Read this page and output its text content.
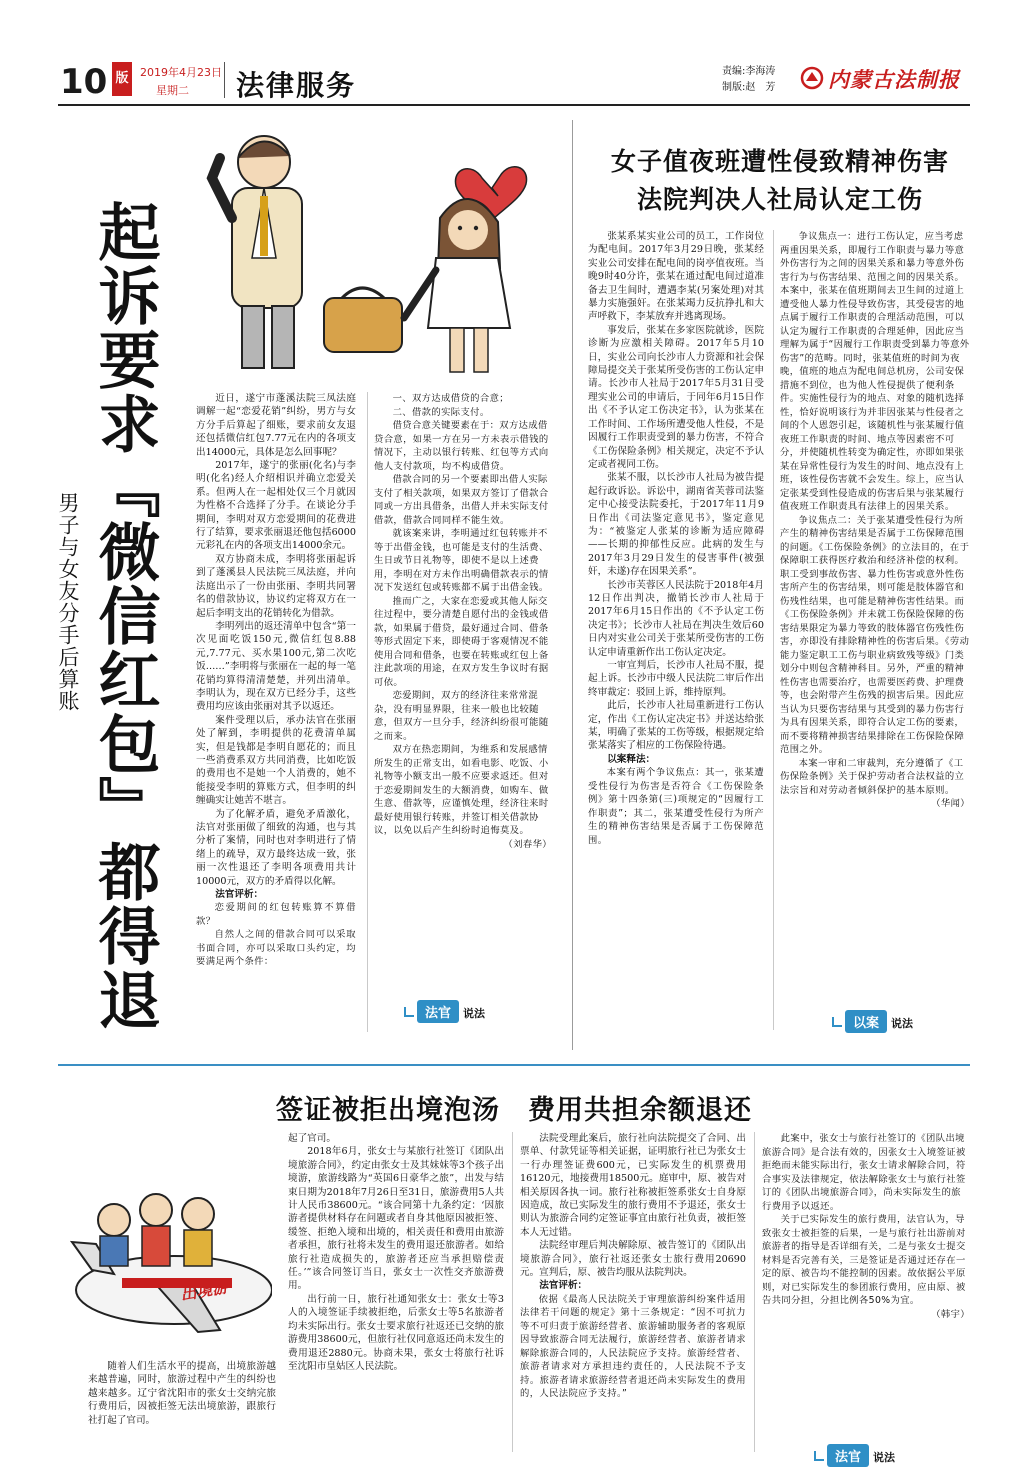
10 版	2019年4月23日
星期二 法律服务	责编:李海涛
制版:赵　芳	内蒙古法制报
起诉要求『微信红包』都得退
男子与女友分手后算账

近日，遂宁市蓬溪法院三凤法庭调解一起“恋爱花销”纠纷，男方与女方分手后算起了细账，要求前女友退还包括微信红包7.77元在内的各项支出14000元，具体是怎么回事呢？

2017年，遂宁的张丽(化名)与李明(化名)经人介绍相识并确立恋爱关系。但两人在一起相处仅三个月就因为性格不合选择了分手。在谈论分手期间，李明对双方恋爱期间的花费进行了结算，要求张丽退还他包括6000元彩礼在内的各项支出14000余元。

双方协商未成，李明将张丽起诉到了蓬溪县人民法院三凤法庭，并向法庭出示了一份由张丽、李明共同署名的借款协议，协议约定将双方在一起后李明支出的花销转化为借款。

李明列出的返还清单中包含“第一次见面吃饭150元,微信红包8.88元,7.77元、买水果100元,第二次吃饭……”李明将与张丽在一起的每一笔花销均算得清清楚楚，并列出清单。李明认为，现在双方已经分手，这些费用均应该由张丽对其予以返还。

案件受理以后，承办法官在张丽处了解到，李明提供的花费清单属实，但是钱都是李明自愿花的；而且一些消费系双方共同消费，比如吃饭的费用也不是她一个人消费的，她不能接受李明的算账方式，但李明的纠缠确实让她苦不堪言。

为了化解矛盾，避免矛盾激化，法官对张丽做了细致的沟通，也与其分析了案情，同时也对李明进行了情绪上的疏导，双方最终达成一致，张丽一次性退还了李明各项费用共计10000元，双方的矛盾得以化解。

法官评析：

恋爱期间的红包转账算不算借款？

自然人之间的借款合同可以采取书面合同，亦可以采取口头约定，均要满足两个条件：

一、双方达成借贷的合意；

二、借款的实际支付。

借贷合意关键要素在于：双方达成借贷合意，如果一方在另一方未表示借钱的情况下，主动以银行转账、红包等方式向他人支付款项，均不构成借贷。

借款合同的另一个要素即出借人实际支付了相关款项，如果双方签订了借款合同或一方出具借条，出借人并未实际支付借款，借款合同同样不能生效。

就该案来讲，李明通过红包转账并不等于出借金钱，也可能是支付的生活费、生日或节日礼物等，即使不是以上述费用，李明在对方未作出明确借款表示的情况下发送红包或转账都不属于出借金钱。

推而广之，大家在恋爱或其他人际交往过程中，要分清楚自愿付出的金钱或借款，如果属于借贷，最好通过合同、借条等形式固定下来，即使碍于客观情况不能使用合同和借条，也要在转账或红包上备注此款项的用途，在双方发生争议时有据可依。

恋爱期间，双方的经济往来常常混杂，没有明显界限，往来一般也比较随意，但双方一旦分手，经济纠纷很可能随之而来。

双方在热恋期间，为维系和发展感情所发生的正常支出，如看电影、吃饭、小礼物等小额支出一般不应要求返还。但对于恋爱期间发生的大额消费，如购车、做生意、借款等，应谨慎处理，经济往来时最好使用银行转账，并签订相关借款协议，以免以后产生纠纷时追悔莫及。

（刘春华）
法官 说法
女子值夜班遭性侵致精神伤害
法院判决人社局认定工伤

张某系某实业公司的员工，工作岗位为配电间。2017年3月29日晚，张某经实业公司安排在配电间的岗亭值夜班。当晚9时40分许，张某在通过配电间过道准备去卫生间时，遭遇李某(另案处理)对其暴力实施强奸。在张某竭力反抗挣扎和大声呼救下，李某放弃并逃离现场。

事发后，张某在多家医院就诊，医院诊断为应激相关障碍。2017年5月10日，实业公司向长沙市人力资源和社会保障局提交关于张某所受伤害的工伤认定申请。长沙市人社局于2017年5月31日受理实业公司的申请后，于同年6月15日作出《不予认定工伤决定书》，认为张某在工作时间、工作场所遭受他人性侵，不是因履行工作职责受到的暴力伤害，不符合《工伤保险条例》相关规定，决定不予认定或者视同工伤。

张某不服，以长沙市人社局为被告提起行政诉讼。诉讼中，湖南省芙蓉司法鉴定中心接受法院委托，于2017年11月9日作出《司法鉴定意见书》，鉴定意见为：“被鉴定人张某的诊断为适应障碍——长期的抑郁性反应。此病的发生与2017年3月29日发生的侵害事件(被强奸，未遂)存在因果关系”。

长沙市芙蓉区人民法院于2018年4月12日作出判决，撤销长沙市人社局于2017年6月15日作出的《不予认定工伤决定书》；长沙市人社局在判决生效后60日内对实业公司关于张某所受伤害的工伤认定申请重新作出工伤认定决定。

一审宣判后，长沙市人社局不服，提起上诉。长沙市中级人民法院二审后作出终审裁定：驳回上诉，维持原判。

此后，长沙市人社局重新进行工伤认定，作出《工伤认定决定书》并送达给张某，明确了张某的工伤等级，根据规定给张某落实了相应的工伤保险待遇。

以案释法：

本案有两个争议焦点：其一，张某遭受性侵行为伤害是否符合《工伤保险条例》第十四条第(三)项规定的“因履行工作职责”；其二，张某遭受性侵行为所产生的精神伤害结果是否属于工伤保障范围。

争议焦点一：进行工伤认定，应当考虑两重因果关系，即履行工作职责与暴力等意外伤害行为之间的因果关系和暴力等意外伤害行为与伤害结果、范围之间的因果关系。本案中，张某在值班期间去卫生间的过道上遭受他人暴力性侵导致伤害，其受侵害的地点属于履行工作职责的合理活动范围，可以认定为履行工作职责的合理延伸，因此应当理解为属于“因履行工作职责受到暴力等意外伤害”的范畴。同时，张某值班的时间为夜晚，值班的地点为配电间总机房，公司安保措施不到位，也为他人性侵提供了便利条件。实施性侵行为的地点、对象的随机选择性，恰好说明该行为并非因张某与性侵者之间的个人恩怨引起，该随机性与张某履行值夜班工作职责的时间、地点等因素密不可分，并使随机性转变为确定性，亦即如果张某在异常性侵行为发生的时间、地点没有上班，该性侵伤害就不会发生。综上，应当认定张某受到性侵造成的伤害后果与张某履行值夜班工作职责具有法律上的因果关系。

争议焦点二：关于张某遭受性侵行为所产生的精神伤害结果是否属于工伤保障范围的问题。《工伤保险条例》的立法目的，在于保障职工获得医疗救治和经济补偿的权利。职工受到事故伤害、暴力性伤害或意外性伤害所产生的伤害结果，则可能是肢体器官和伤残性结果，也可能是精神伤害性结果。而《工伤保险条例》并未就工伤保险保障的伤害结果限定为暴力等致的肢体器官伤残性伤害，亦即没有排除精神性的伤害后果。《劳动能力鉴定职工工伤与职业病致残等级》门类划分中则包含精神科目。另外，严重的精神性伤害也需要治疗，也需要医药费、护理费等，也会附带产生伤残的损害后果。因此应当认为只要伤害结果与其受到的暴力伤害行为具有因果关系，即符合认定工伤的要素，而不要将精神损害结果排除在工伤保险保障范围之外。

本案一审和二审裁判，充分遵循了《工伤保险条例》关于保护劳动者合法权益的立法宗旨和对劳动者倾斜保护的基本原则。

（华闻）
以案 说法
签证被拒出境泡汤　费用共担余额退还
出境游

随着人们生活水平的提高，出境旅游越来越普遍，同时，旅游过程中产生的纠纷也越来越多。辽宁省沈阳市的张女士交纳完旅行费用后，因被拒签无法出境旅游，跟旅行社打起了官司。

起了官司。

2018年6月，张女士与某旅行社签订《团队出境旅游合同》，约定由张女士及其妹妹等3个孩子出境游，旅游线路为“英国6日豪华之旅”，出发与结束日期为2018年7月26日至31日，旅游费用5人共计人民币38600元。“该合同第十九条约定：‘因旅游者提供材料存在问题或者自身其他原因被拒签、缓签、拒绝入境和出境的，相关责任和费用由旅游者承担，旅行社将未发生的费用退还旅游者。如给旅行社造成损失的，旅游者还应当承担赔偿责任。’”该合同签订当日，张女士一次性交齐旅游费用。

出行前一日，旅行社通知张女士：张女士等3人的入境签证手续被拒绝，后张女士等5名旅游者均未实际出行。张女士要求旅行社返还已交纳的旅游费用38600元，但旅行社仅同意返还尚未发生的费用退还2880元。协商未果，张女士将旅行社诉至沈阳市皇姑区人民法院。

法院受理此案后，旅行社向法院提交了合同、出票单、付款凭证等相关证据，证明旅行社已为张女士一行办理签证费600元，已实际发生的机票费用16120元，地接费用18500元。庭审中，原、被告对相关原因各执一词。旅行社称被拒签系张女士自身原因造成，故已实际发生的旅行费用不予退还，张女士则认为旅游合同约定签证事宜由旅行社负责，被拒签本人无过错。

法院经审理后判决解除原、被告签订的《团队出境旅游合同》，旅行社返还张女士旅行费用20690元。宣判后，原、被告均服从法院判决。

法官评析：

依据《最高人民法院关于审理旅游纠纷案件适用法律若干问题的规定》第十三条规定：“因不可抗力等不可归责于旅游经营者、旅游辅助服务者的客观原因导致旅游合同无法履行，旅游经营者、旅游者请求解除旅游合同的，人民法院应予支持。旅游经营者、旅游者请求对方承担违约责任的，人民法院不予支持。旅游者请求旅游经营者退还尚未实际发生的费用的，人民法院应予支持。”

此案中，张女士与旅行社签订的《团队出境旅游合同》是合法有效的，因张女士入境签证被拒绝而未能实际出行，张女士请求解除合同，符合事实及法律规定，依法解除张女士与旅行社签订的《团队出境旅游合同》，尚未实际发生的旅行费用予以返还。

关于已实际发生的旅行费用，法官认为，导致张女士被拒签的后果，一是与旅行社出游前对旅游者的指导是否详细有关，二是与张女士提交材料是否完善有关，三是签证是否通过还存在一定的原、被告均不能控制的因素。故依据公平原则，对已实际发生的参团旅行费用，应由原、被告共同分担，分担比例各50%为宜。

（韩宇）
法官 说法
